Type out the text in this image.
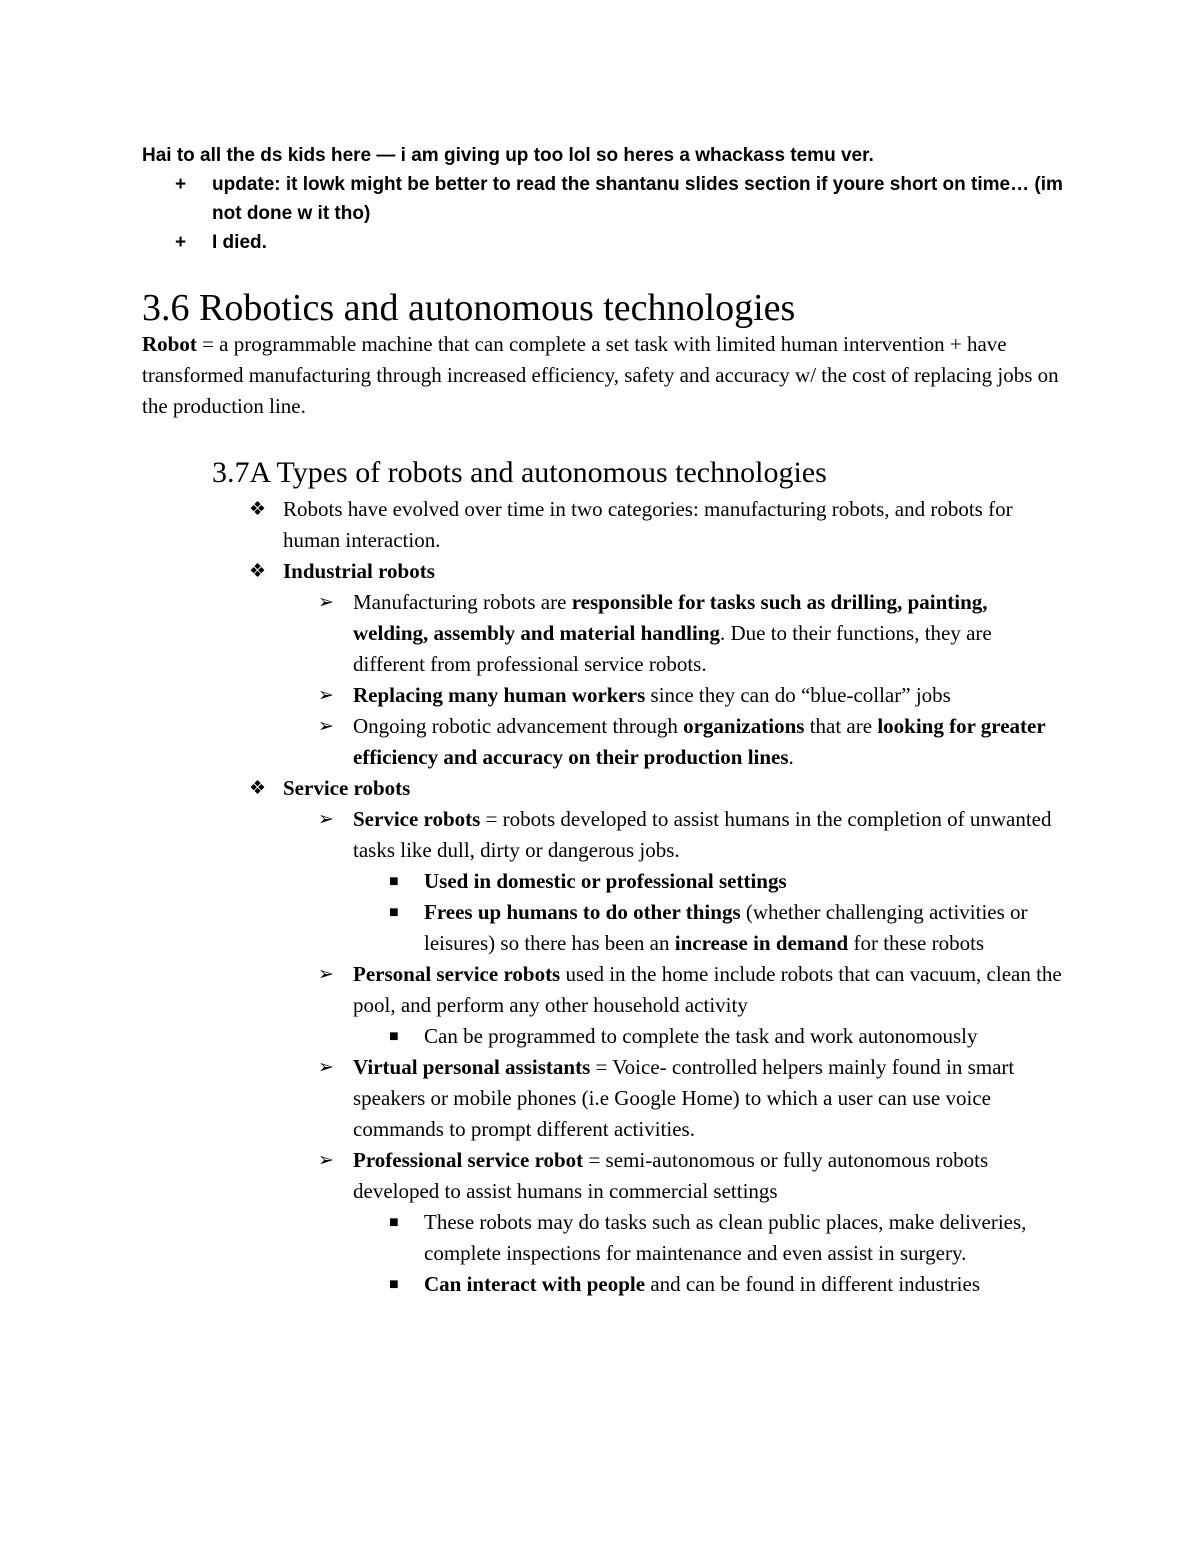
Hai to all the ds kids here — i am giving up too lol so heres a whackass temu ver.

+ update: it lowk might be better to read the shantanu slides section if youre short on time… (im not done w it tho)
+ I died.
3.6 Robotics and autonomous technologies

Robot = a programmable machine that can complete a set task with limited human intervention + have transformed manufacturing through increased efficiency, safety and accuracy w/ the cost of replacing jobs on the production line.

3.7A Types of robots and autonomous technologies

❖ Robots have evolved over time in two categories: manufacturing robots, and robots for human interaction.

❖ Industrial robots

➢ Manufacturing robots are responsible for tasks such as drilling, painting, welding, assembly and material handling. Due to their functions, they are different from professional service robots.

➢ Replacing many human workers since they can do “blue-collar” jobs

➢ Ongoing robotic advancement through organizations that are looking for greater efficiency and accuracy on their production lines.

❖ Service robots

➢ Service robots = robots developed to assist humans in the completion of unwanted tasks like dull, dirty or dangerous jobs.

■ Used in domestic or professional settings

■ Frees up humans to do other things (whether challenging activities or leisures) so there has been an increase in demand for these robots

➢ Personal service robots used in the home include robots that can vacuum, clean the pool, and perform any other household activity

■ Can be programmed to complete the task and work autonomously

➢ Virtual personal assistants = Voice- controlled helpers mainly found in smart speakers or mobile phones (i.e Google Home) to which a user can use voice commands to prompt different activities.

➢ Professional service robot = semi-autonomous or fully autonomous robots developed to assist humans in commercial settings

■ These robots may do tasks such as clean public places, make deliveries, complete inspections for maintenance and even assist in surgery.

■ Can interact with people and can be found in different industries
